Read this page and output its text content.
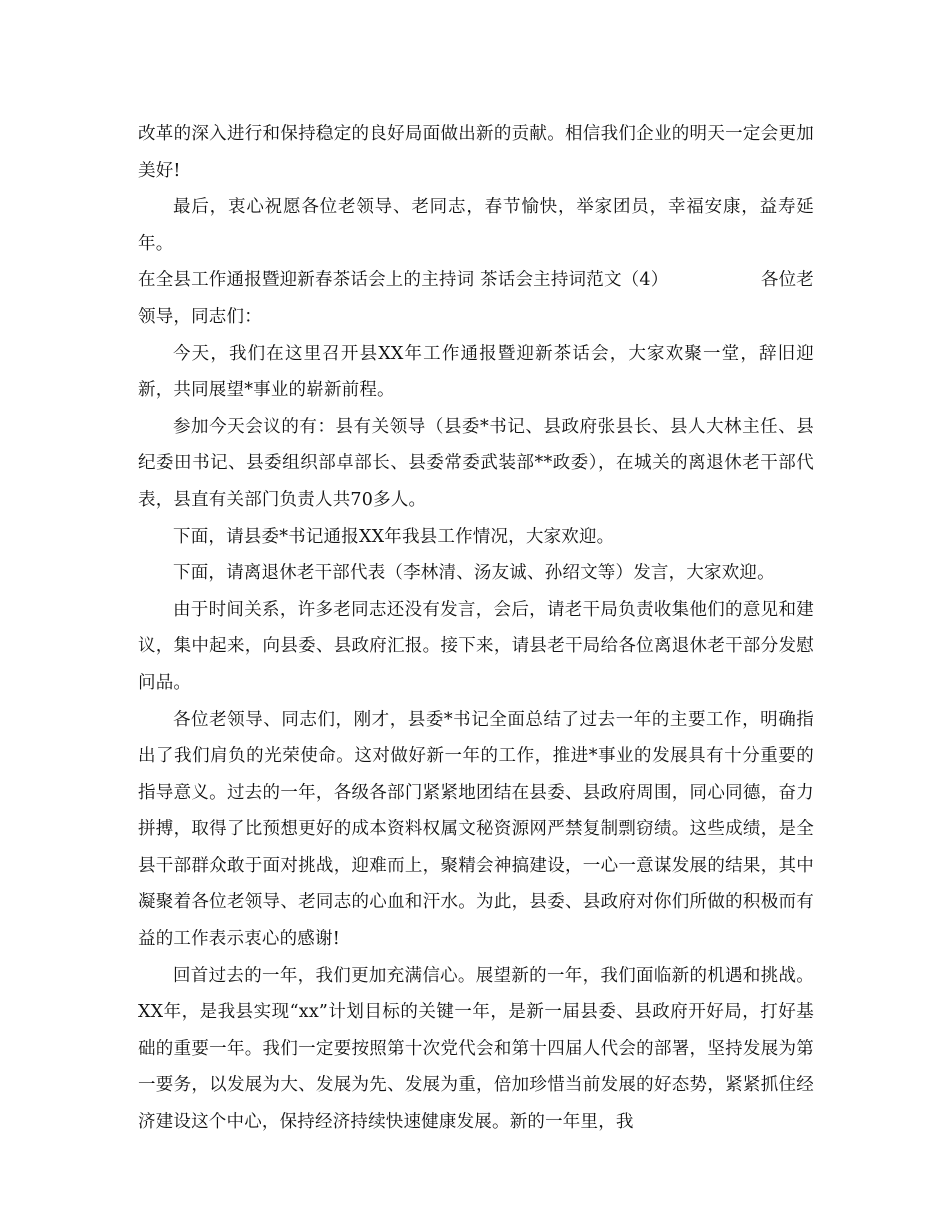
改革的深入进行和保持稳定的良好局面做出新的贡献。相信我们企业的明天一定会更加美好!

最后，衷心祝愿各位老领导、老同志，春节愉快，举家团员，幸福安康，益寿延年。

在全县工作通报暨迎新春茶话会上的主持词 茶话会主持词范文（4）	各位老

领导，同志们：

今天，我们在这里召开县XX年工作通报暨迎新茶话会，大家欢聚一堂，辞旧迎新，共同展望*事业的崭新前程。

参加今天会议的有：县有关领导（县委*书记、县政府张县长、县人大林主任、县纪委田书记、县委组织部卓部长、县委常委武装部**政委），在城关的离退休老干部代表，县直有关部门负责人共70多人。

下面，请县委*书记通报XX年我县工作情况，大家欢迎。

下面，请离退休老干部代表（李林清、汤友诚、孙绍文等）发言，大家欢迎。

由于时间关系，许多老同志还没有发言，会后，请老干局负责收集他们的意见和建议，集中起来，向县委、县政府汇报。接下来，请县老干局给各位离退休老干部分发慰问品。

各位老领导、同志们，刚才，县委*书记全面总结了过去一年的主要工作，明确指出了我们肩负的光荣使命。这对做好新一年的工作，推进*事业的发展具有十分重要的指导意义。过去的一年，各级各部门紧紧地团结在县委、县政府周围，同心同德，奋力拼搏，取得了比预想更好的成本资料权属文秘资源网严禁复制剽窃绩。这些成绩，是全县干部群众敢于面对挑战，迎难而上，聚精会神搞建设，一心一意谋发展的结果，其中凝聚着各位老领导、老同志的心血和汗水。为此，县委、县政府对你们所做的积极而有益的工作表示衷心的感谢!

回首过去的一年，我们更加充满信心。展望新的一年，我们面临新的机遇和挑战。XX年，是我县实现“xx”计划目标的关键一年，是新一届县委、县政府开好局，打好基础的重要一年。我们一定要按照第十次党代会和第十四届人代会的部署，坚持发展为第一要务，以发展为大、发展为先、发展为重，倍加珍惜当前发展的好态势，紧紧抓住经济建设这个中心，保持经济持续快速健康发展。新的一年里，我
